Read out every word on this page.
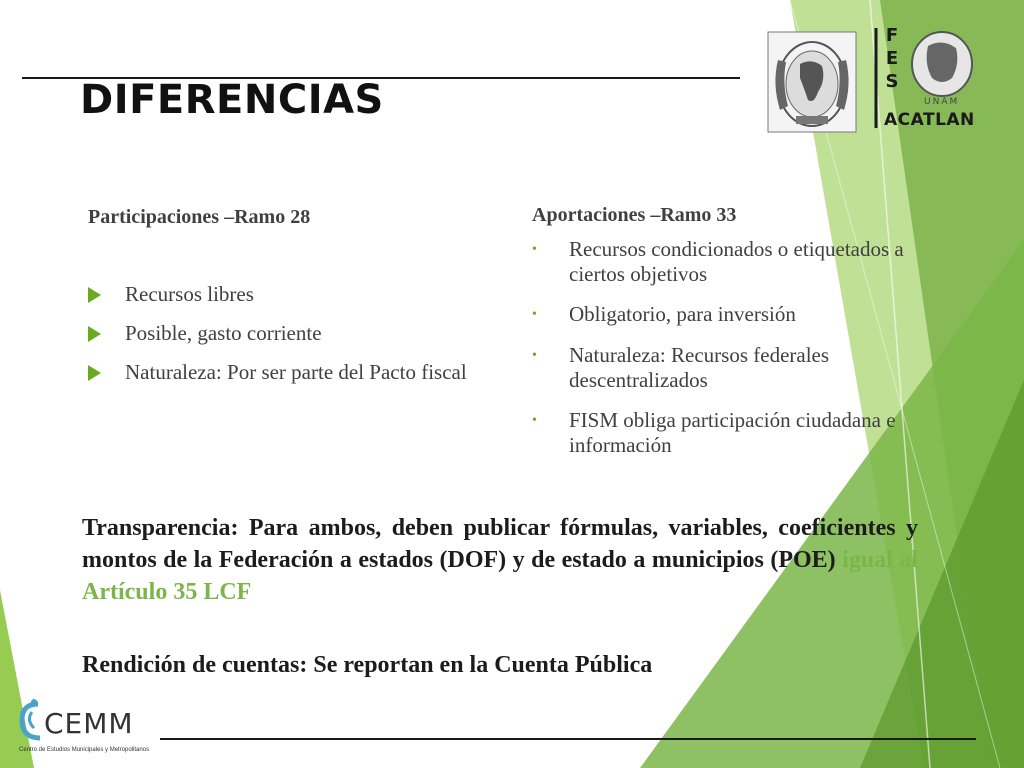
DIFERENCIAS
F
E
S
UNAM
ACATLAN
Participaciones –Ramo 28
Recursos libres
Posible, gasto corriente
Naturaleza: Por ser parte del Pacto fiscal
Aportaciones –Ramo 33
• Recursos condicionados o etiquetados a ciertos objetivos
• Obligatorio, para inversión
• Naturaleza: Recursos federales descentralizados
• FISM obliga participación ciudadana e información

Transparencia: Para ambos, deben publicar fórmulas, variables, coeficientes y montos de la Federación a estados (DOF) y de estado a municipios (POE) igual al Artículo 35 LCF

Rendición de cuentas: Se reportan en la Cuenta Pública

CEMM
Centro de Estudios Municipales y Metropolitanos
